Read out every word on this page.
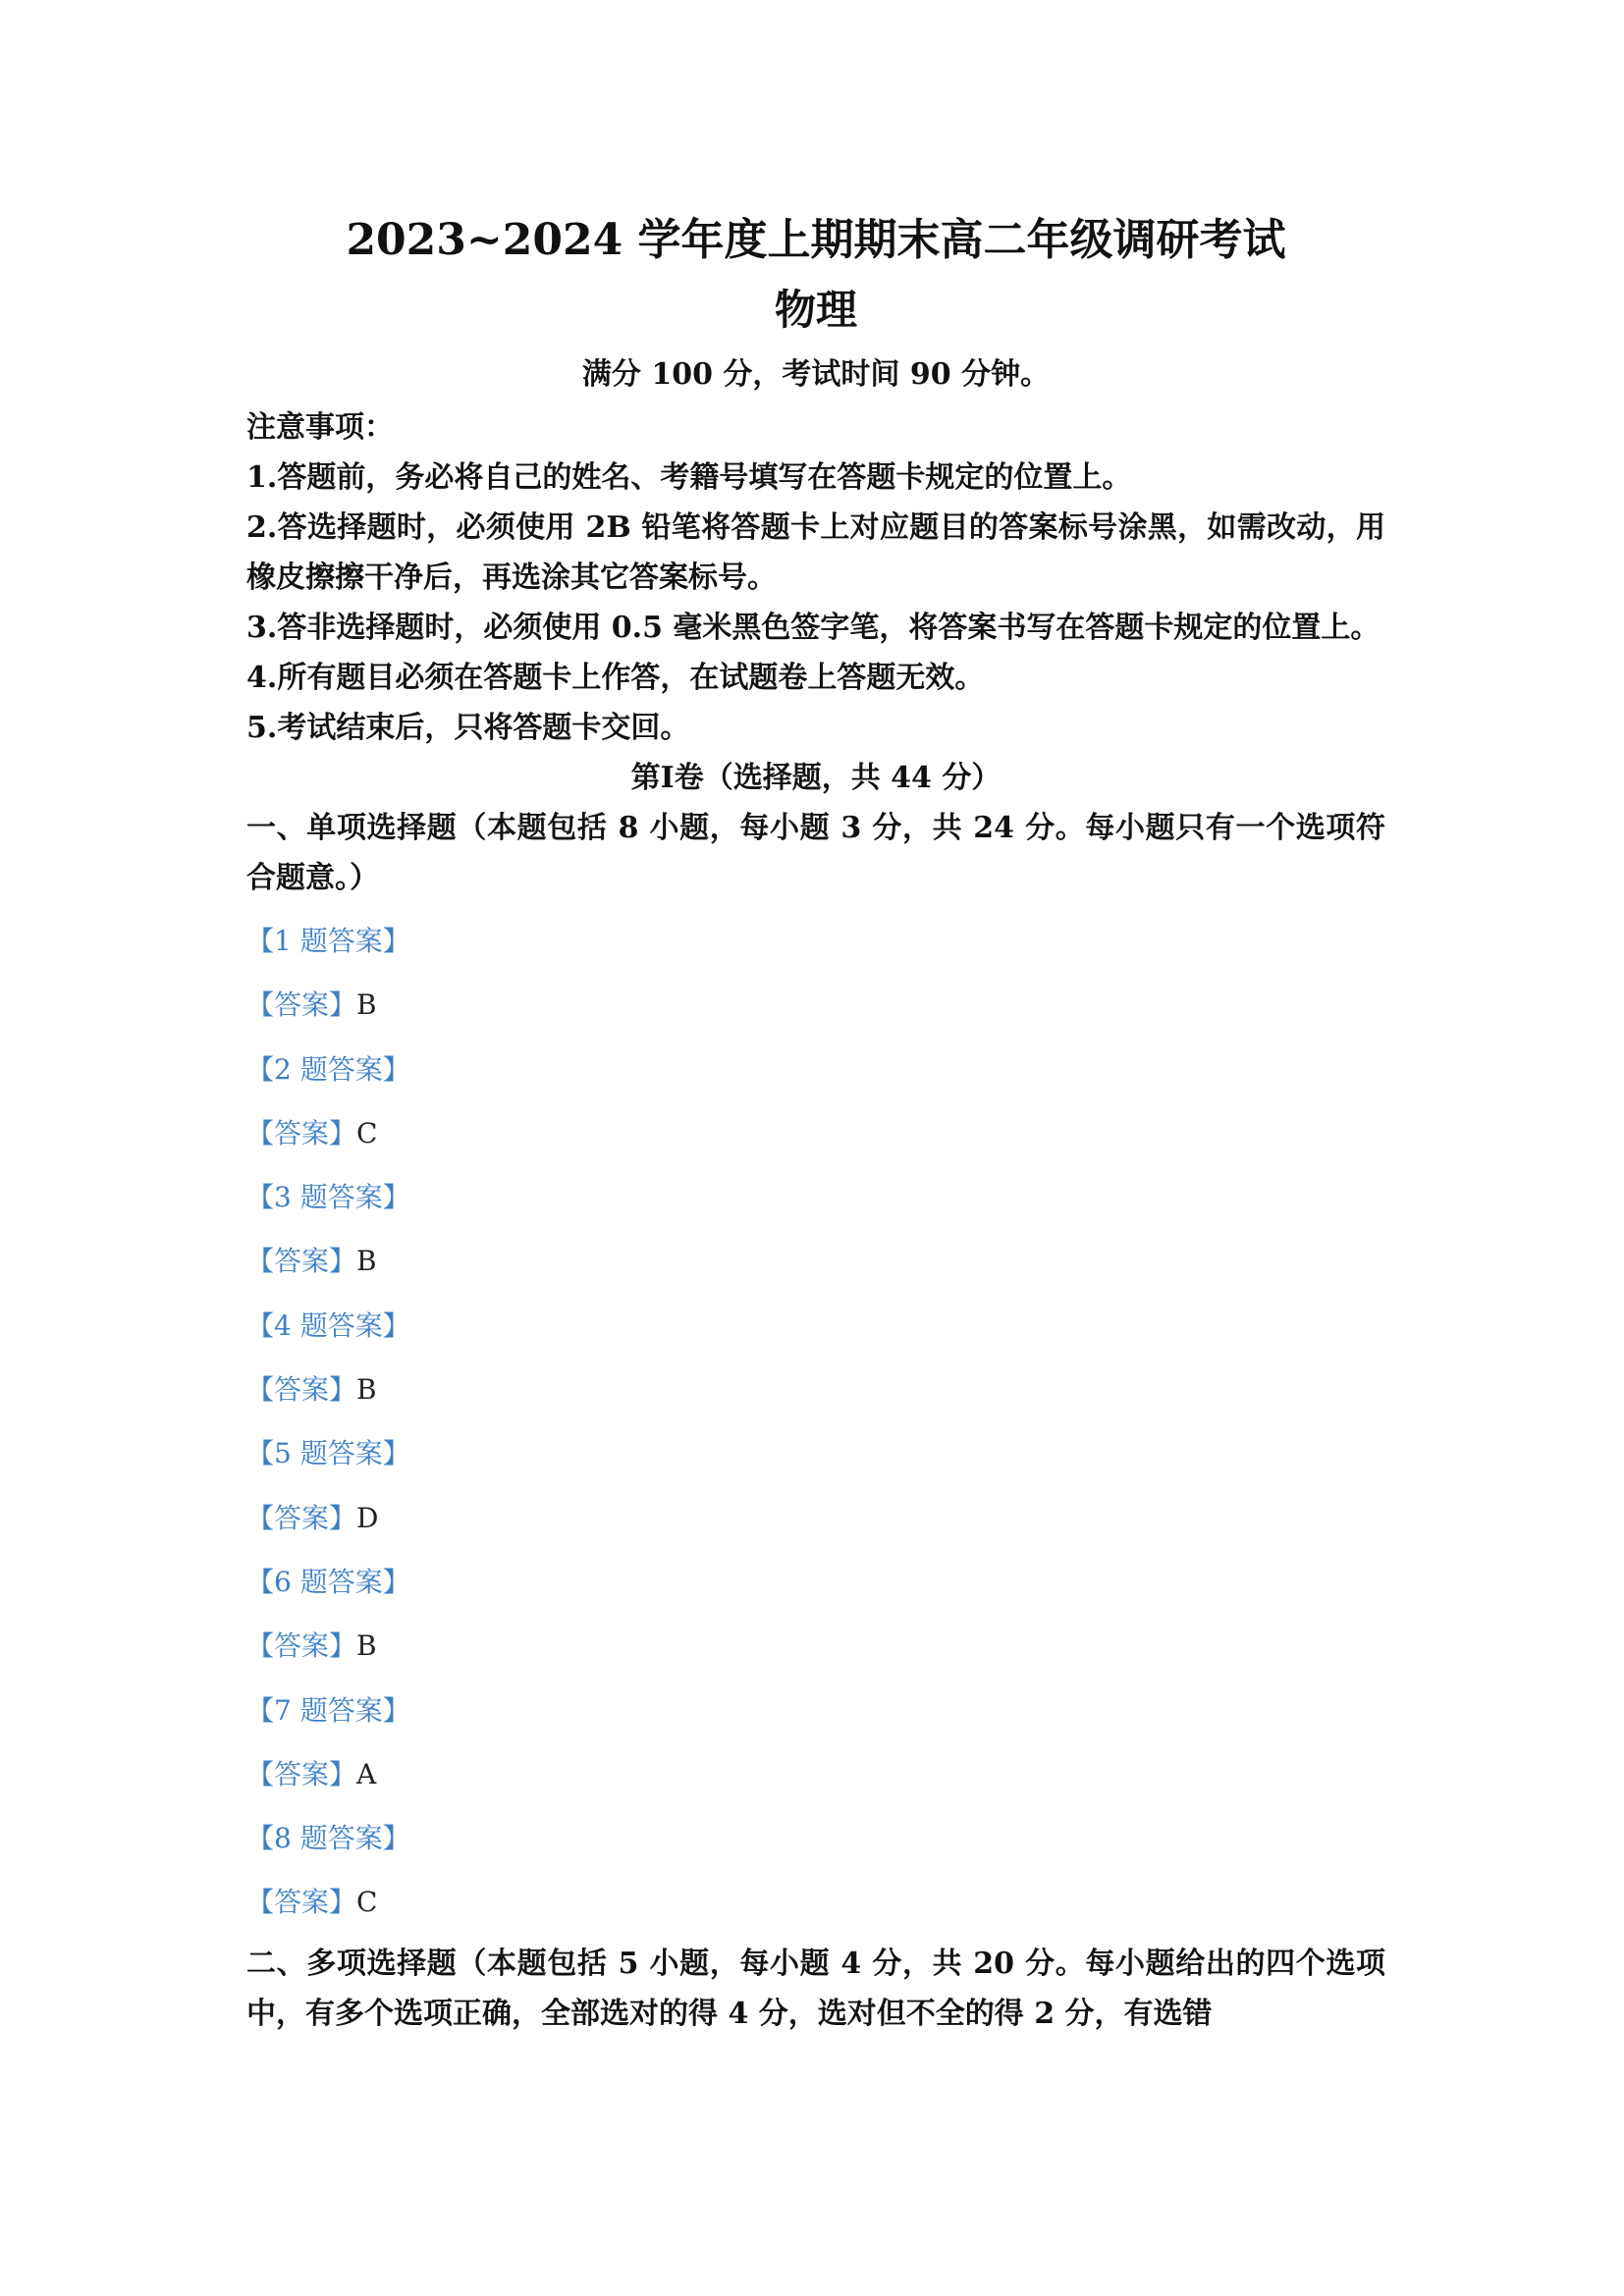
2023~2024 学年度上期期末高二年级调研考试
物理

满分 100 分，考试时间 90 分钟。

注意事项：

1.答题前，务必将自己的姓名、考籍号填写在答题卡规定的位置上。

2.答选择题时，必须使用 2B 铅笔将答题卡上对应题目的答案标号涂黑，如需改动，用橡皮擦擦干净后，再选涂其它答案标号。

3.答非选择题时，必须使用 0.5 毫米黑色签字笔，将答案书写在答题卡规定的位置上。

4.所有题目必须在答题卡上作答，在试题卷上答题无效。

5.考试结束后，只将答题卡交回。

第Ⅰ卷（选择题，共 44 分）

一、单项选择题（本题包括 8 小题，每小题 3 分，共 24 分。每小题只有一个选项符合题意。）

【1 题答案】

【答案】B

【2 题答案】

【答案】C

【3 题答案】

【答案】B

【4 题答案】

【答案】B

【5 题答案】

【答案】D

【6 题答案】

【答案】B

【7 题答案】

【答案】A

【8 题答案】

【答案】C

二、多项选择题（本题包括 5 小题，每小题 4 分，共 20 分。每小题给出的四个选项中，有多个选项正确，全部选对的得 4 分，选对但不全的得 2 分，有选错
